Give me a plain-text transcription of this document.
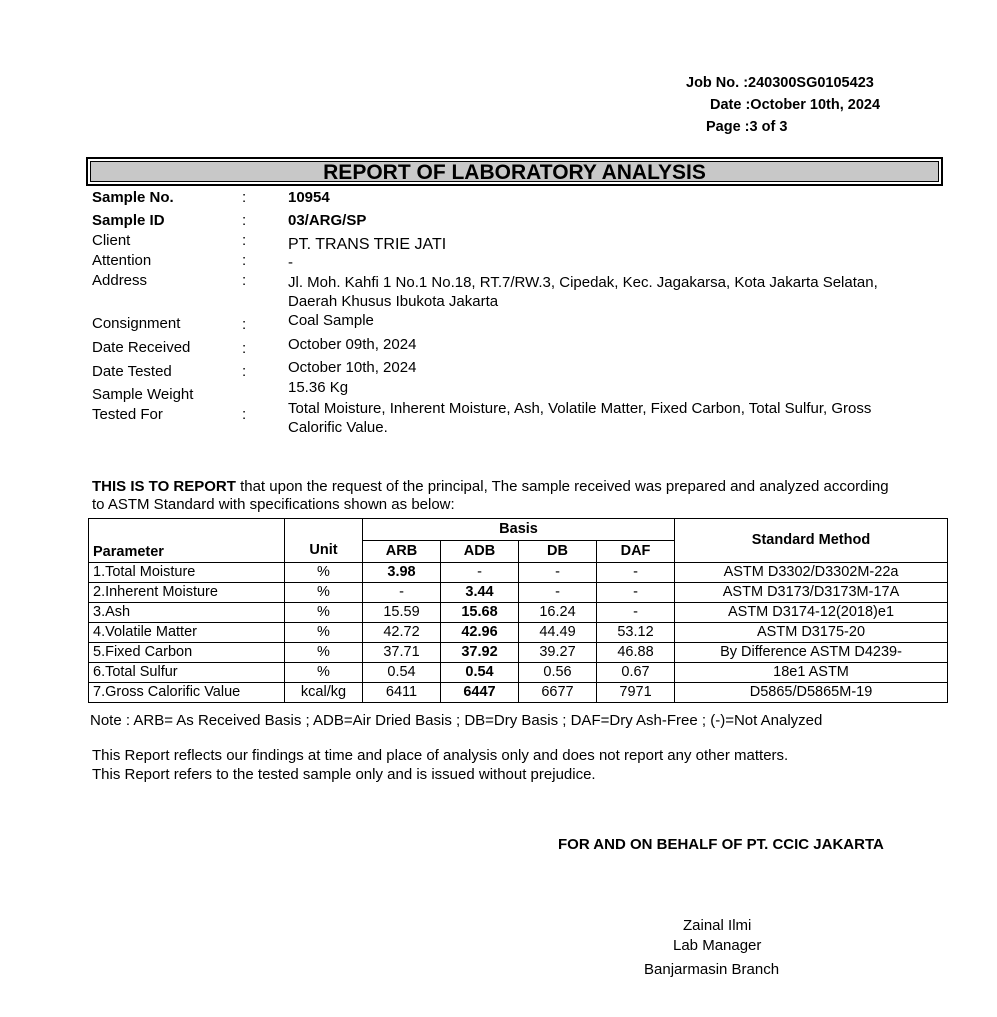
Job No. :240300SG0105423
Date :October 10th, 2024
Page :3 of 3
REPORT OF LABORATORY ANALYSIS
Sample No.	:	10954
Sample ID	:	03/ARG/SP
Client	:	PT. TRANS TRIE JATI
Attention	:	-
Address	:	Jl. Moh. Kahfi 1 No.1 No.18, RT.7/RW.3, Cipedak, Kec. Jagakarsa, Kota Jakarta Selatan, Daerah Khusus Ibukota Jakarta
Consignment	:	Coal Sample
Date Received	:	October 09th, 2024
Date Tested	:	October 10th, 2024
Sample Weight	15.36 Kg
Tested For	:	Total Moisture, Inherent Moisture, Ash, Volatile Matter, Fixed Carbon, Total Sulfur, Gross Calorific Value.
THIS IS TO REPORT that upon the request of the principal, The sample received was prepared and analyzed according to ASTM Standard with specifications shown as below:
Parameter	Unit	Basis				Standard Method
		ARB	ADB	DB	DAF	
1.Total Moisture	%	3.98	-	-	-	ASTM D3302/D3302M-22a
2.Inherent Moisture	%	-	3.44	-	-	ASTM D3173/D3173M-17A
3.Ash	%	15.59	15.68	16.24	-	ASTM D3174-12(2018)e1
4.Volatile Matter	%	42.72	42.96	44.49	53.12	ASTM D3175-20
5.Fixed Carbon	%	37.71	37.92	39.27	46.88	By Difference ASTM D4239-
6.Total Sulfur	%	0.54	0.54	0.56	0.67	18e1 ASTM
7.Gross Calorific Value	kcal/kg	6411	6447	6677	7971	D5865/D5865M-19
Note : ARB= As Received Basis ; ADB=Air Dried Basis ; DB=Dry Basis ; DAF=Dry Ash-Free ; (-)=Not Analyzed
This Report reflects our findings at time and place of analysis only and does not report any other matters.
This Report refers to the tested sample only and is issued without prejudice.
FOR AND ON BEHALF OF PT. CCIC JAKARTA
Zainal Ilmi
Lab Manager
Banjarmasin Branch
